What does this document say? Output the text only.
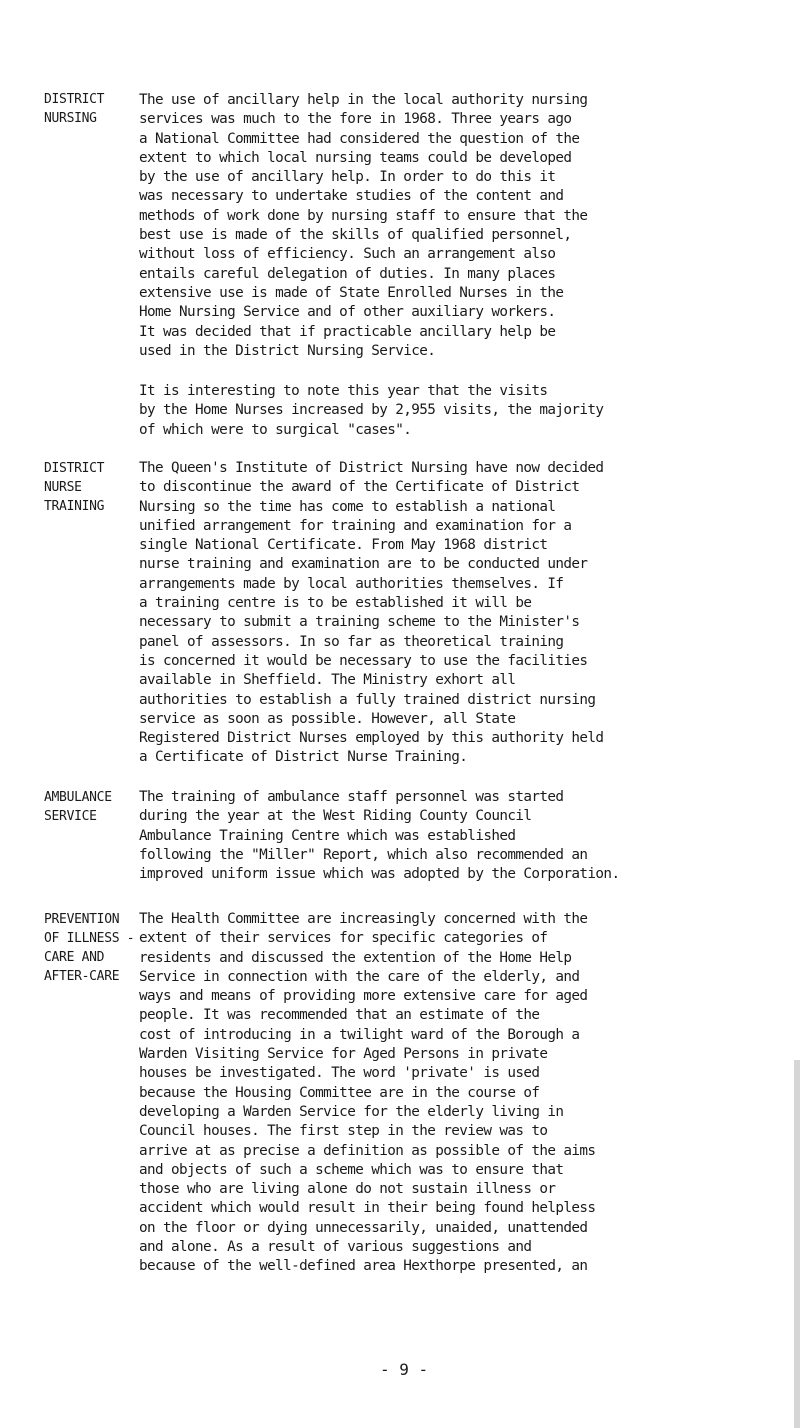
DISTRICT
NURSING
The use of ancillary help in the local authority nursing
services was much to the fore in 1968. Three years ago
a National Committee had considered the question of the
extent to which local nursing teams could be developed
by the use of ancillary help. In order to do this it
was necessary to undertake studies of the content and
methods of work done by nursing staff to ensure that the
best use is made of the skills of qualified personnel,
without loss of efficiency. Such an arrangement also
entails careful delegation of duties. In many places
extensive use is made of State Enrolled Nurses in the
Home Nursing Service and of other auxiliary workers.
It was decided that if practicable ancillary help be
used in the District Nursing Service.
It is interesting to note this year that the visits
by the Home Nurses increased by 2,955 visits, the majority
of which were to surgical "cases".
DISTRICT
NURSE
TRAINING
The Queen's Institute of District Nursing have now decided
to discontinue the award of the Certificate of District
Nursing so the time has come to establish a national
unified arrangement for training and examination for a
single National Certificate. From May 1968 district
nurse training and examination are to be conducted under
arrangements made by local authorities themselves. If
a training centre is to be established it will be
necessary to submit a training scheme to the Minister's
panel of assessors. In so far as theoretical training
is concerned it would be necessary to use the facilities
available in Sheffield. The Ministry exhort all
authorities to establish a fully trained district nursing
service as soon as possible. However, all State
Registered District Nurses employed by this authority held
a Certificate of District Nurse Training.
AMBULANCE
SERVICE
The training of ambulance staff personnel was started
during the year at the West Riding County Council
Ambulance Training Centre which was established
following the "Miller" Report, which also recommended an
improved uniform issue which was adopted by the Corporation.
PREVENTION
OF ILLNESS -
CARE AND
AFTER-CARE
The Health Committee are increasingly concerned with the
extent of their services for specific categories of
residents and discussed the extention of the Home Help
Service in connection with the care of the elderly, and
ways and means of providing more extensive care for aged
people. It was recommended that an estimate of the
cost of introducing in a twilight ward of the Borough a
Warden Visiting Service for Aged Persons in private
houses be investigated. The word 'private' is used
because the Housing Committee are in the course of
developing a Warden Service for the elderly living in
Council houses. The first step in the review was to
arrive at as precise a definition as possible of the aims
and objects of such a scheme which was to ensure that
those who are living alone do not sustain illness or
accident which would result in their being found helpless
on the floor or dying unnecessarily, unaided, unattended
and alone. As a result of various suggestions and
because of the well-defined area Hexthorpe presented, an
- 9 -
